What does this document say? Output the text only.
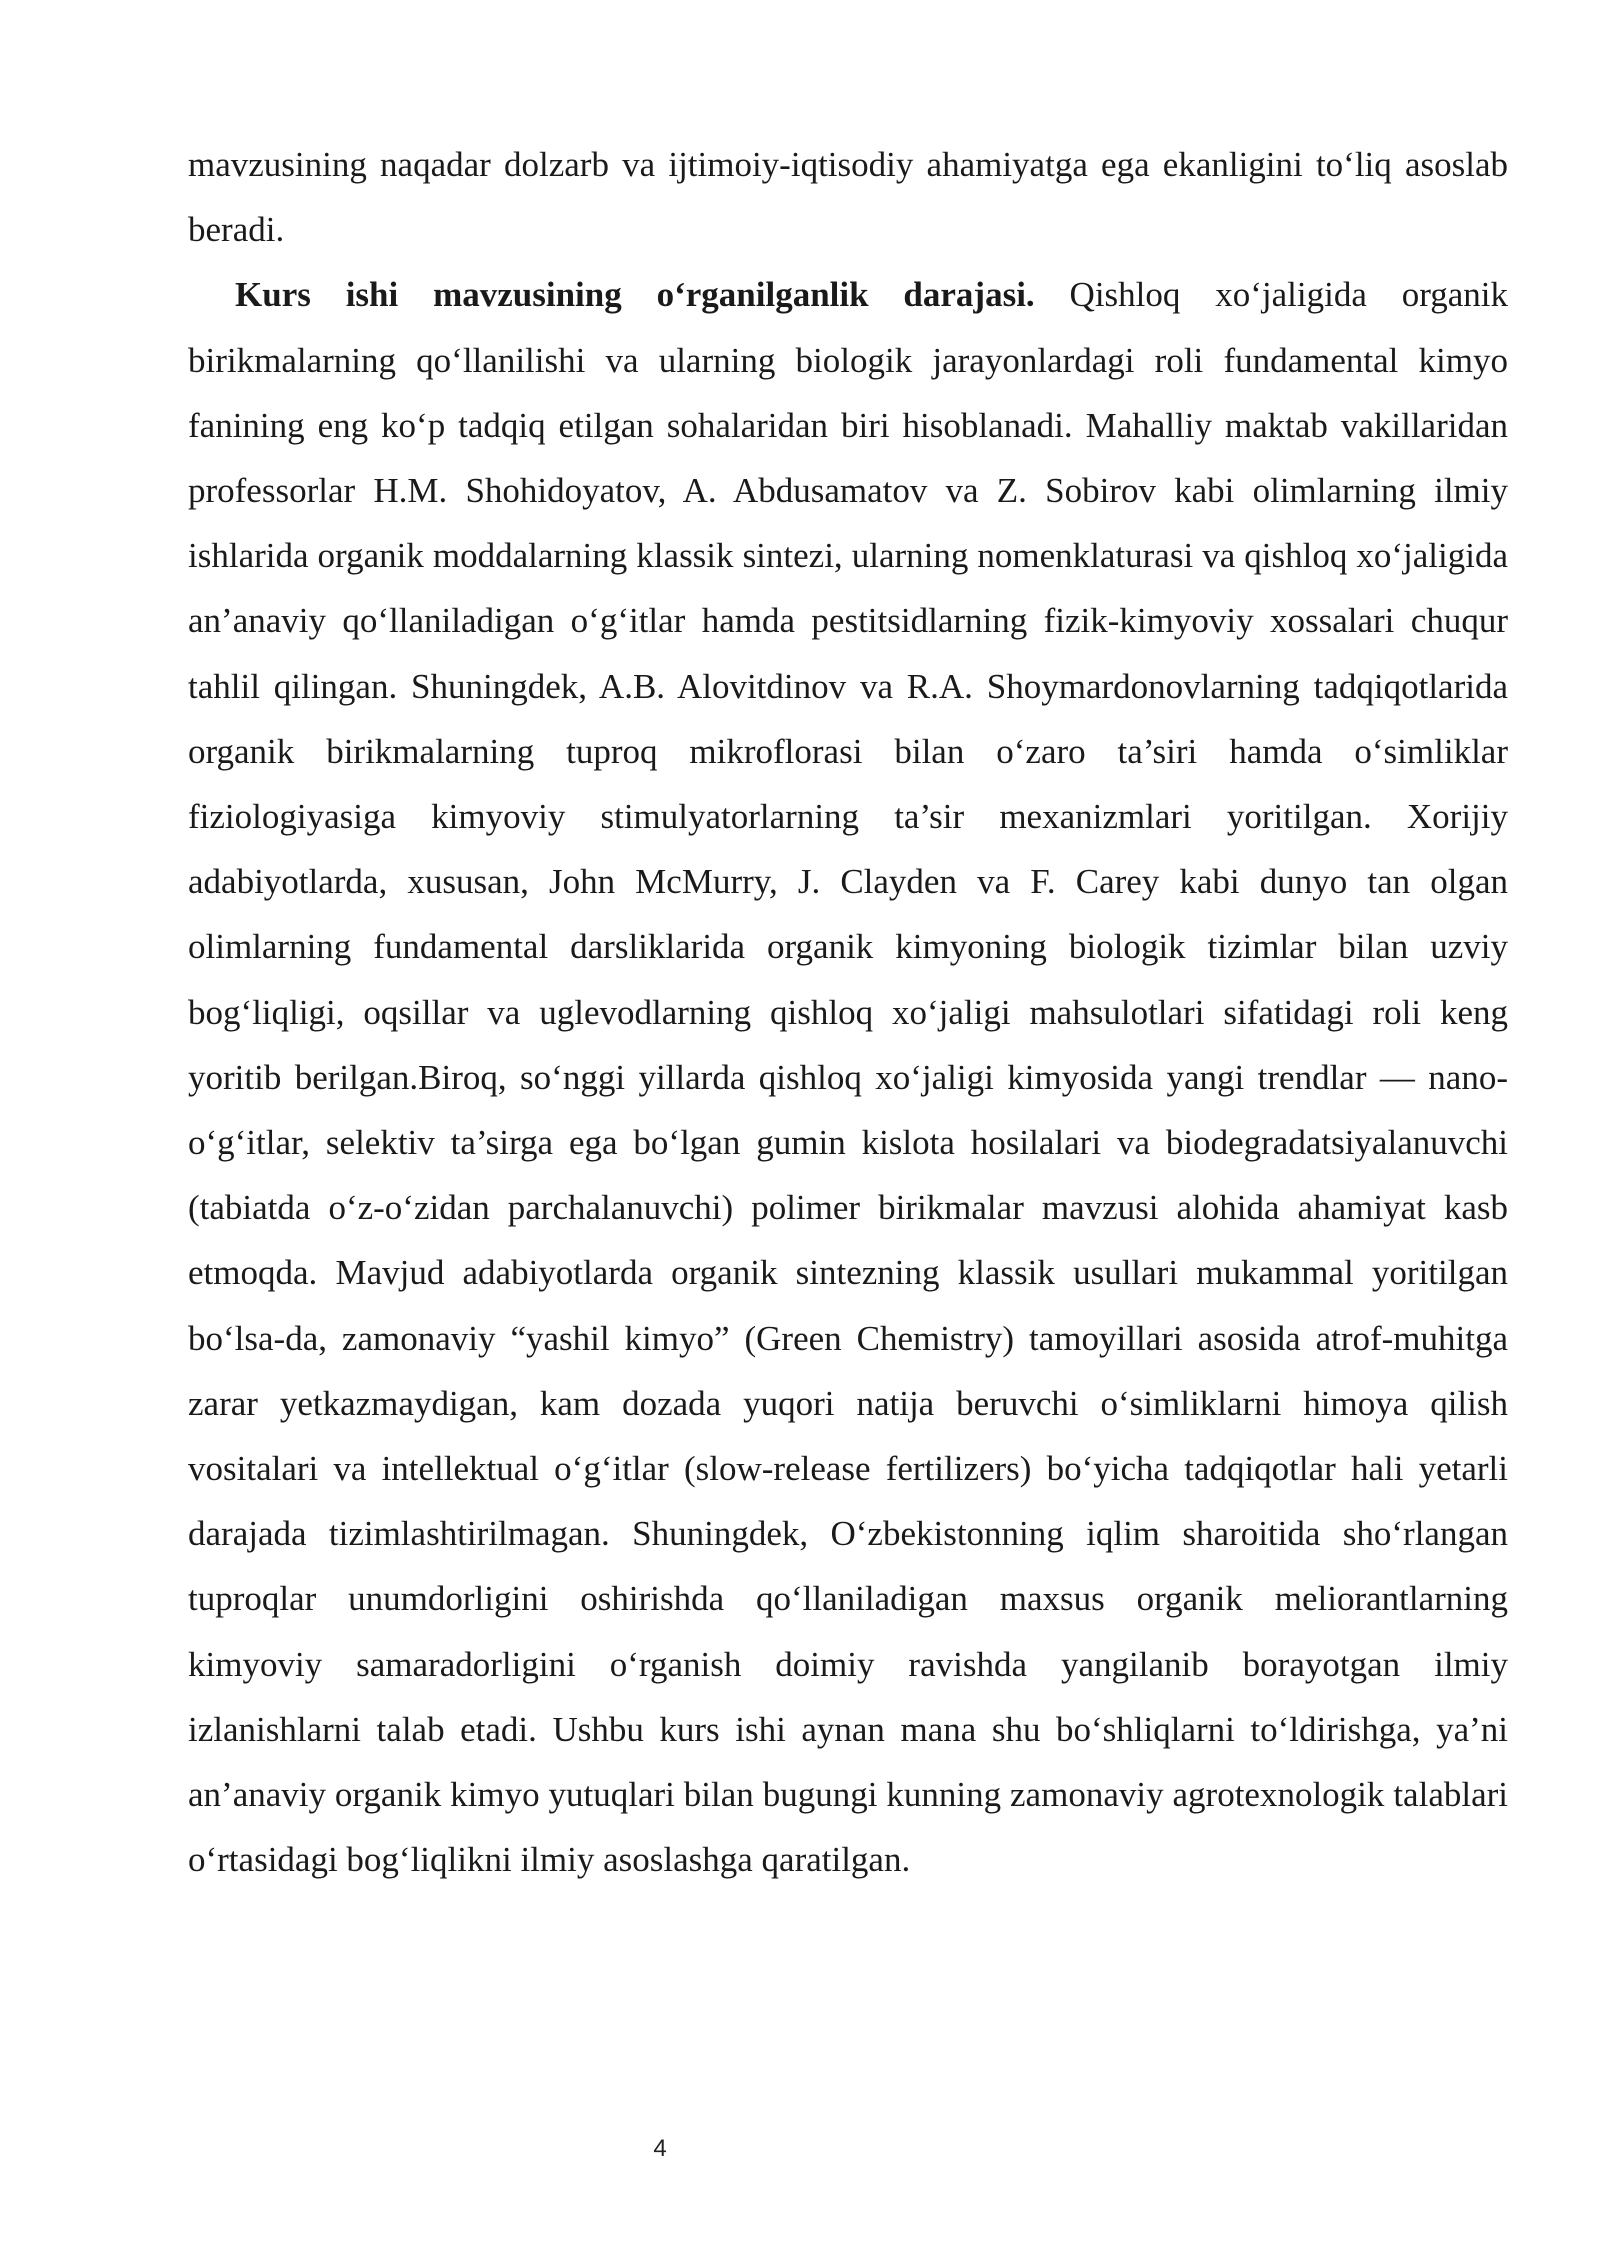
mavzusining naqadar dolzarb va ijtimoiy-iqtisodiy ahamiyatga ega ekanligini to‘liq asoslab beradi.

Kurs ishi mavzusining o‘rganilganlik darajasi. Qishloq xo‘jaligida organik birikmalarning qo‘llanilishi va ularning biologik jarayonlardagi roli fundamental kimyo fanining eng ko‘p tadqiq etilgan sohalaridan biri hisoblanadi. Mahalliy maktab vakillaridan professorlar H.M. Shohidoyatov, A. Abdusamatov va Z. Sobirov kabi olimlarning ilmiy ishlarida organik moddalarning klassik sintezi, ularning nomenklaturasi va qishloq xo‘jaligida an’anaviy qo‘llaniladigan o‘g‘itlar hamda pestitsidlarning fizik-kimyoviy xossalari chuqur tahlil qilingan. Shuningdek, A.B. Alovitdinov va R.A. Shoymardonovlarning tadqiqotlarida organik birikmalarning tuproq mikroflorasi bilan o‘zaro ta’siri hamda o‘simliklar fiziologiyasiga kimyoviy stimulyatorlarning ta’sir mexanizmlari yoritilgan. Xorijiy adabiyotlarda, xususan, John McMurry, J. Clayden va F. Carey kabi dunyo tan olgan olimlarning fundamental darsliklarida organik kimyoning biologik tizimlar bilan uzviy bog‘liqligi, oqsillar va uglevodlarning qishloq xo‘jaligi mahsulotlari sifatidagi roli keng yoritib berilgan.Biroq, so‘nggi yillarda qishloq xo‘jaligi kimyosida yangi trendlar — nano-o‘g‘itlar, selektiv ta’sirga ega bo‘lgan gumin kislota hosilalari va biodegradatsiyalanuvchi (tabiatda o‘z-o‘zidan parchalanuvchi) polimer birikmalar mavzusi alohida ahamiyat kasb etmoqda. Mavjud adabiyotlarda organik sintezning klassik usullari mukammal yoritilgan bo‘lsa-da, zamonaviy “yashil kimyo” (Green Chemistry) tamoyillari asosida atrof-muhitga zarar yetkazmaydigan, kam dozada yuqori natija beruvchi o‘simliklarni himoya qilish vositalari va intellektual o‘g‘itlar (slow-release fertilizers) bo‘yicha tadqiqotlar hali yetarli darajada tizimlashtirilmagan. Shuningdek, O‘zbekistonning iqlim sharoitida sho‘rlangan tuproqlar unumdorligini oshirishda qo‘llaniladigan maxsus organik meliorantlarning kimyoviy samaradorligini o‘rganish doimiy ravishda yangilanib borayotgan ilmiy izlanishlarni talab etadi. Ushbu kurs ishi aynan mana shu bo‘shliqlarni to‘ldirishga, ya’ni an’anaviy organik kimyo yutuqlari bilan bugungi kunning zamonaviy agrotexnologik talablari o‘rtasidagi bog‘liqlikni ilmiy asoslashga qaratilgan.

4
